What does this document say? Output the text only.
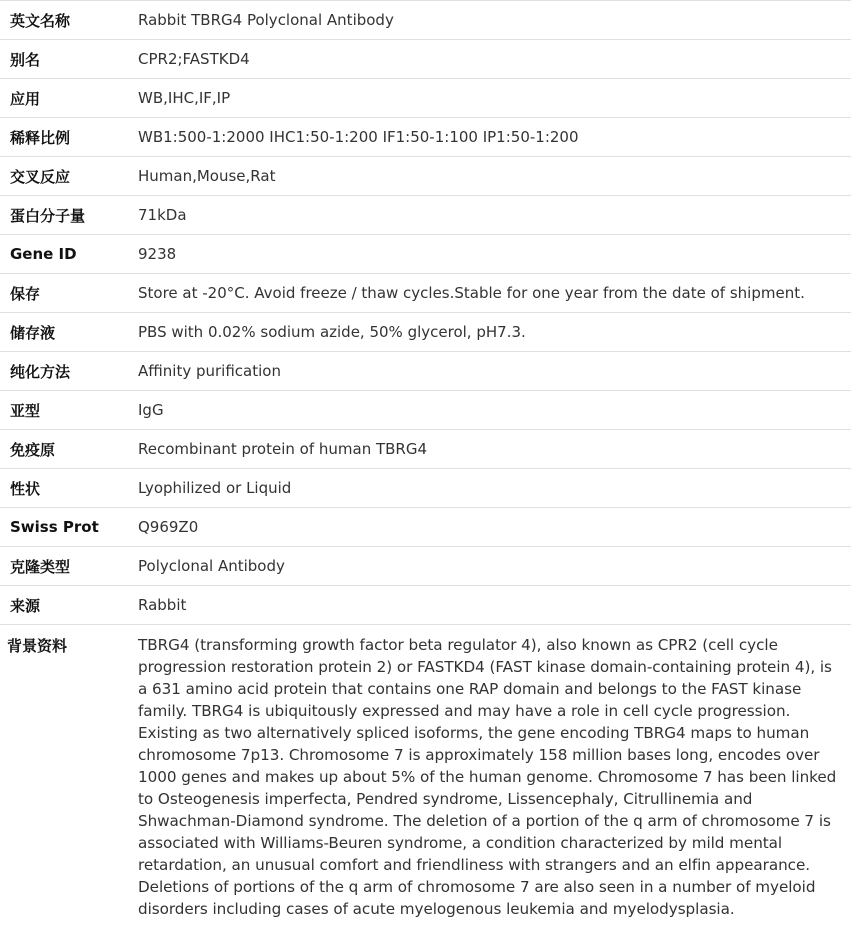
英文名称	Rabbit TBRG4 Polyclonal Antibody
别名	CPR2;FASTKD4
应用	WB,IHC,IF,IP
稀释比例	WB1:500-1:2000 IHC1:50-1:200 IF1:50-1:100 IP1:50-1:200
交叉反应	Human,Mouse,Rat
蛋白分子量	71kDa
Gene ID	9238
保存	Store at -20°C. Avoid freeze / thaw cycles.Stable for one year from the date of shipment.
储存液	PBS with 0.02% sodium azide, 50% glycerol, pH7.3.
纯化方法	Affinity purification
亚型	IgG
免疫原	Recombinant protein of human TBRG4
性状	Lyophilized or Liquid
Swiss Prot	Q969Z0
克隆类型	Polyclonal Antibody
来源	Rabbit
背景资料	TBRG4 (transforming growth factor beta regulator 4), also known as CPR2 (cell cycle progression restoration protein 2) or FASTKD4 (FAST kinase domain-containing protein 4), is a 631 amino acid protein that contains one RAP domain and belongs to the FAST kinase family. TBRG4 is ubiquitously expressed and may have a role in cell cycle progression. Existing as two alternatively spliced isoforms, the gene encoding TBRG4 maps to human chromosome 7p13. Chromosome 7 is approximately 158 million bases long, encodes over 1000 genes and makes up about 5% of the human genome. Chromosome 7 has been linked to Osteogenesis imperfecta, Pendred syndrome, Lissencephaly, Citrullinemia and Shwachman-Diamond syndrome. The deletion of a portion of the q arm of chromosome 7 is associated with Williams-Beuren syndrome, a condition characterized by mild mental retardation, an unusual comfort and friendliness with strangers and an elfin appearance. Deletions of portions of the q arm of chromosome 7 are also seen in a number of myeloid disorders including cases of acute myelogenous leukemia and myelodysplasia.
